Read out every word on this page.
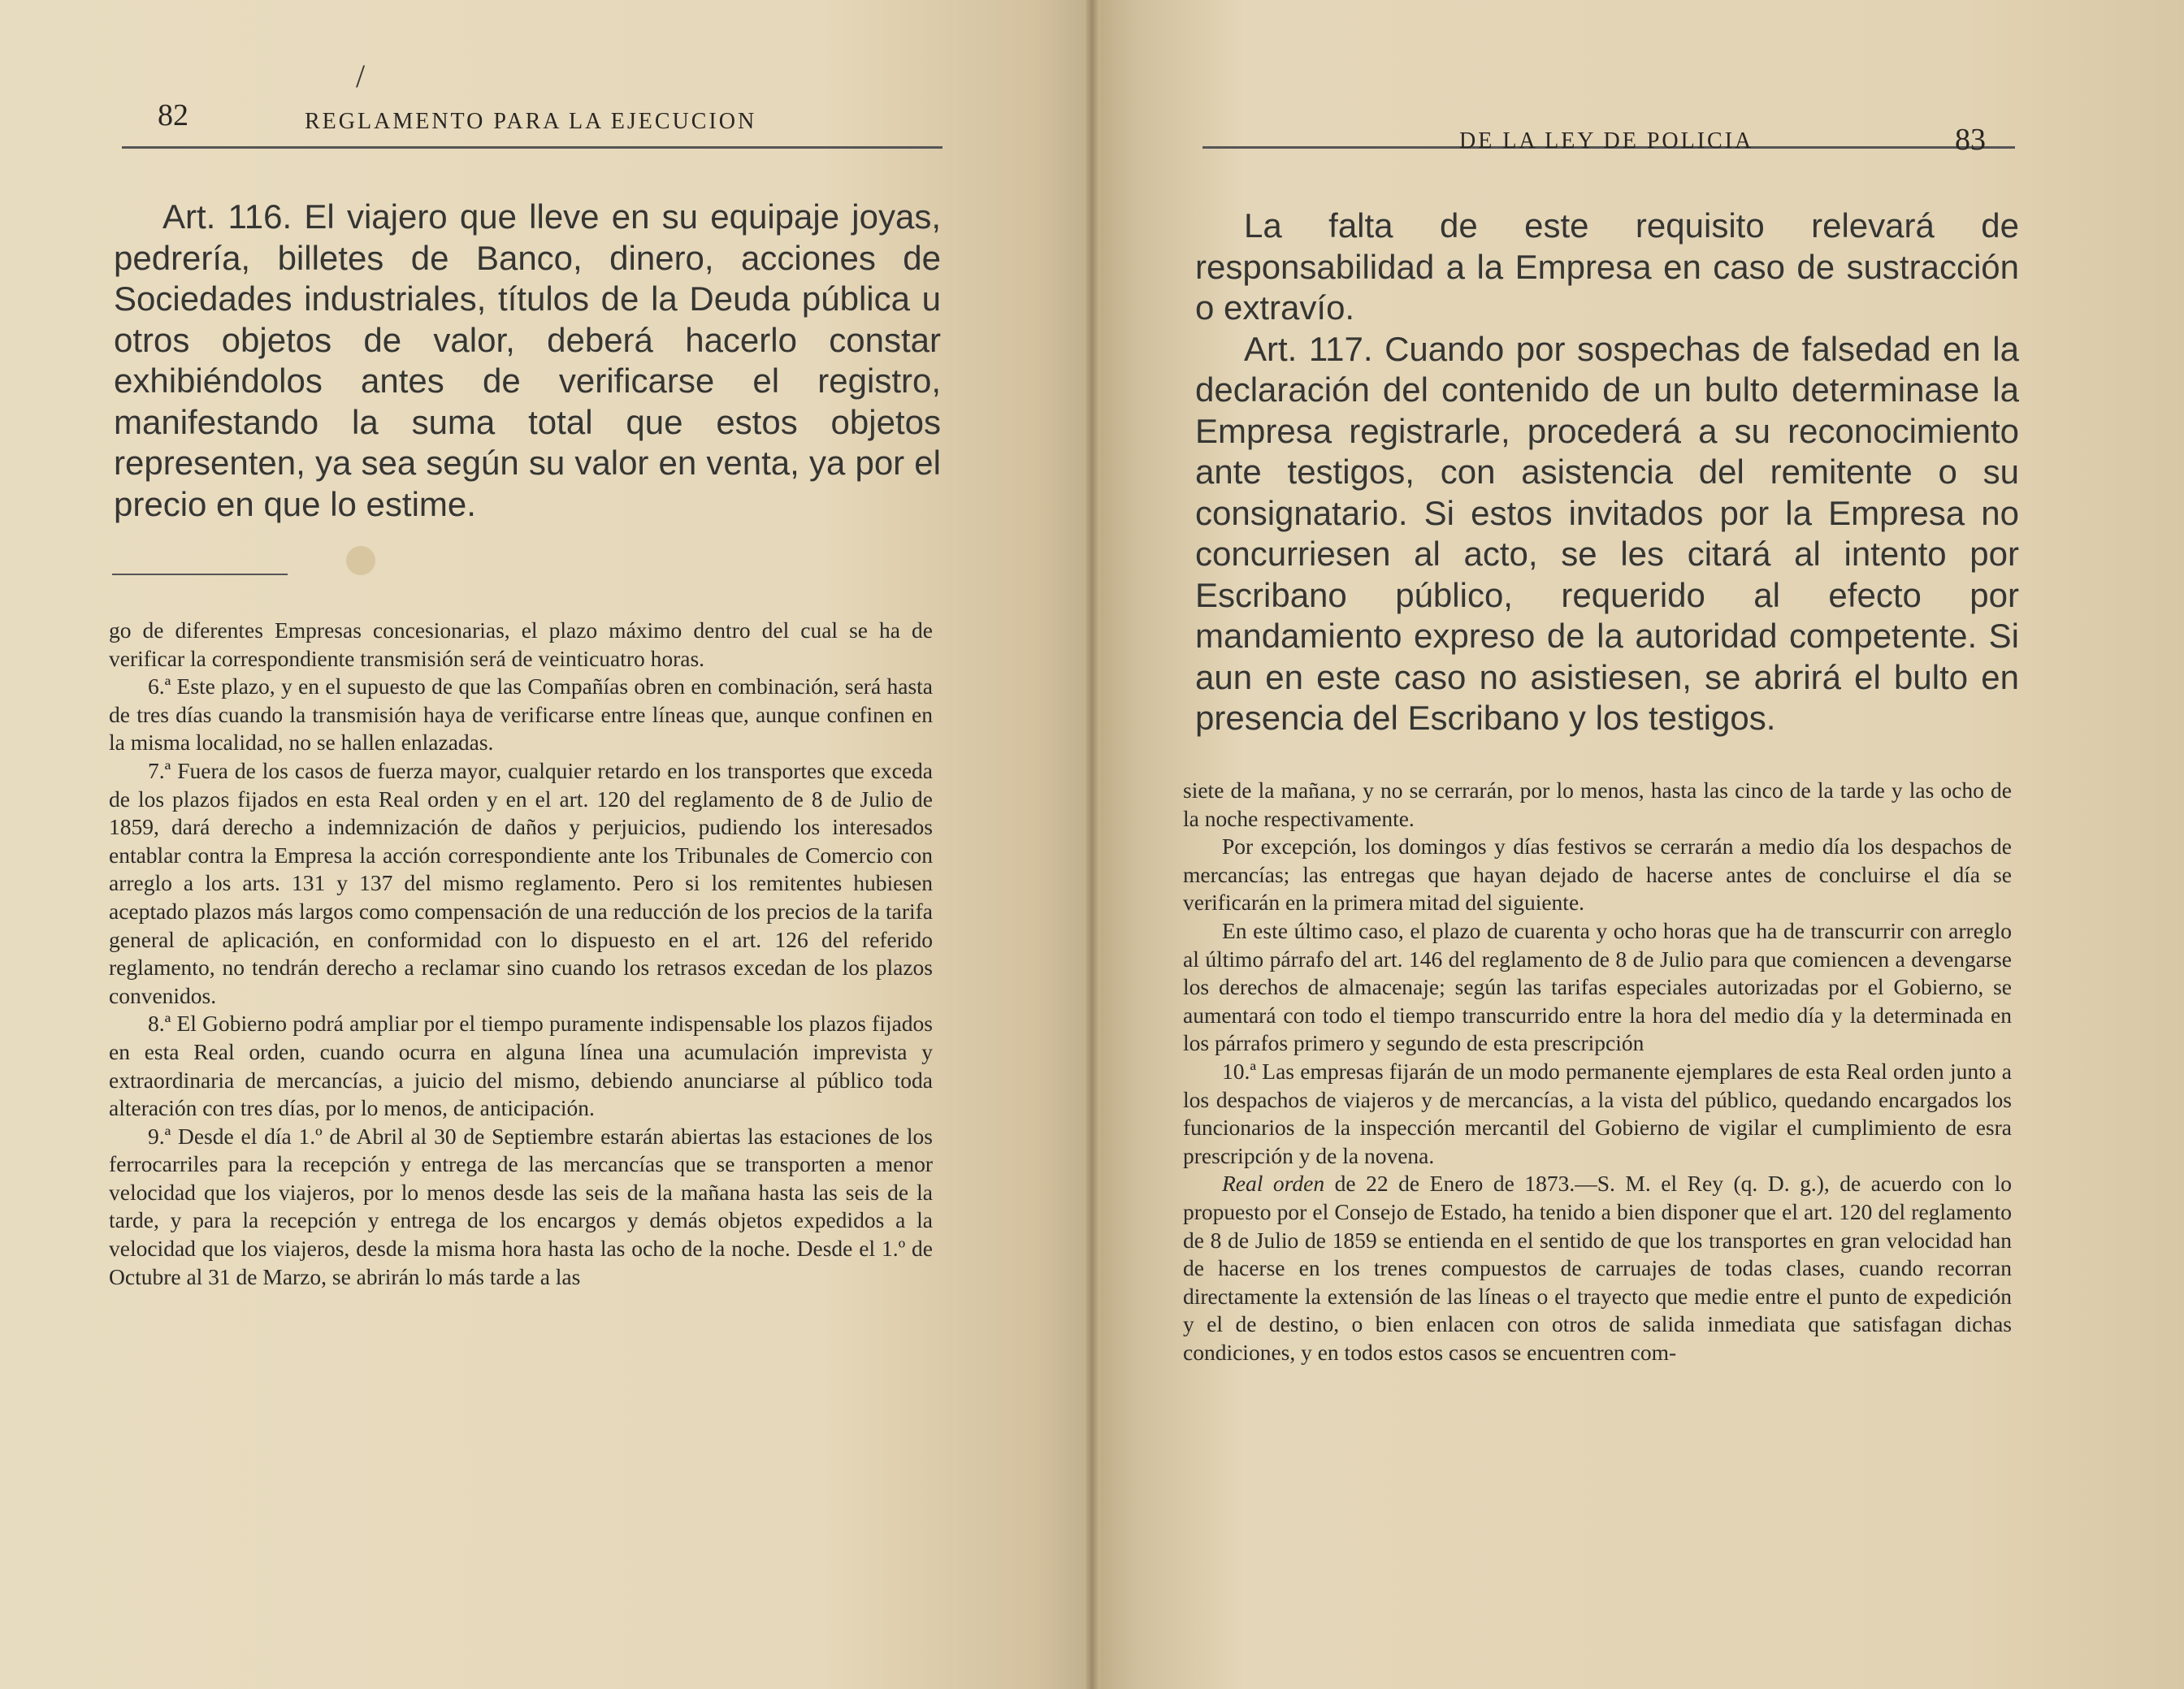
/
82	REGLAMENTO PARA LA EJECUCION

Art. 116. El viajero que lleve en su equipaje joyas, pedrería, billetes de Banco, dinero, acciones de Sociedades industriales, títulos de la Deuda pública u otros objetos de valor, deberá hacerlo constar exhibiéndolos antes de verificarse el registro, manifestando la suma total que estos objetos representen, ya sea según su valor en venta, ya por el precio en que lo estime.

go de diferentes Empresas concesionarias, el plazo máximo dentro del cual se ha de verificar la correspondiente transmisión será de veinticuatro horas.

6.ª Este plazo, y en el supuesto de que las Compañías obren en combinación, será hasta de tres días cuando la transmisión haya de verificarse entre líneas que, aunque confinen en la misma localidad, no se hallen enlazadas.

7.ª Fuera de los casos de fuerza mayor, cualquier retardo en los transportes que exceda de los plazos fijados en esta Real orden y en el art. 120 del reglamento de 8 de Julio de 1859, dará derecho a indemnización de daños y perjuicios, pudiendo los interesados entablar contra la Empresa la acción correspondiente ante los Tribunales de Comercio con arreglo a los arts. 131 y 137 del mismo reglamento. Pero si los remitentes hubiesen aceptado plazos más largos como compensación de una reducción de los precios de la tarifa general de aplicación, en conformidad con lo dispuesto en el art. 126 del referido reglamento, no tendrán derecho a reclamar sino cuando los retrasos excedan de los plazos convenidos.

8.ª El Gobierno podrá ampliar por el tiempo puramente indispensable los plazos fijados en esta Real orden, cuando ocurra en alguna línea una acumulación imprevista y extraordinaria de mercancías, a juicio del mismo, debiendo anunciarse al público toda alteración con tres días, por lo menos, de anticipación.

9.ª Desde el día 1.º de Abril al 30 de Septiembre estarán abiertas las estaciones de los ferrocarriles para la recepción y entrega de las mercancías que se transporten a menor velocidad que los viajeros, por lo menos desde las seis de la mañana hasta las seis de la tarde, y para la recepción y entrega de los encargos y demás objetos expedidos a la velocidad que los viajeros, desde la misma hora hasta las ocho de la noche. Desde el 1.º de Octubre al 31 de Marzo, se abrirán lo más tarde a las

DE LA LEY DE POLICIA	83

La falta de este requisito relevará de responsabilidad a la Empresa en caso de sustracción o extravío.

Art. 117. Cuando por sospechas de falsedad en la declaración del contenido de un bulto determinase la Empresa registrarle, procederá a su reconocimiento ante testigos, con asistencia del remitente o su consignatario. Si estos invitados por la Empresa no concurriesen al acto, se les citará al intento por Escribano público, requerido al efecto por mandamiento expreso de la autoridad competente. Si aun en este caso no asistiesen, se abrirá el bulto en presencia del Escribano y los testigos.

siete de la mañana, y no se cerrarán, por lo menos, hasta las cinco de la tarde y las ocho de la noche respectivamente.

Por excepción, los domingos y días festivos se cerrarán a medio día los despachos de mercancías; las entregas que hayan dejado de hacerse antes de concluirse el día se verificarán en la primera mitad del siguiente.

En este último caso, el plazo de cuarenta y ocho horas que ha de transcurrir con arreglo al último párrafo del art. 146 del reglamento de 8 de Julio para que comiencen a devengarse los derechos de almacenaje; según las tarifas especiales autorizadas por el Gobierno, se aumentará con todo el tiempo transcurrido entre la hora del medio día y la determinada en los párrafos primero y segundo de esta prescripción

10.ª Las empresas fijarán de un modo permanente ejemplares de esta Real orden junto a los despachos de viajeros y de mercancías, a la vista del público, quedando encargados los funcionarios de la inspección mercantil del Gobierno de vigilar el cumplimiento de esra prescripción y de la novena.

Real orden de 22 de Enero de 1873.—S. M. el Rey (q. D. g.), de acuerdo con lo propuesto por el Consejo de Estado, ha tenido a bien disponer que el art. 120 del reglamento de 8 de Julio de 1859 se entienda en el sentido de que los transportes en gran velocidad han de hacerse en los trenes compuestos de carruajes de todas clases, cuando recorran directamente la extensión de las líneas o el trayecto que medie entre el punto de expedición y el de destino, o bien enlacen con otros de salida inmediata que satisfagan dichas condiciones, y en todos estos casos se encuentren com-
